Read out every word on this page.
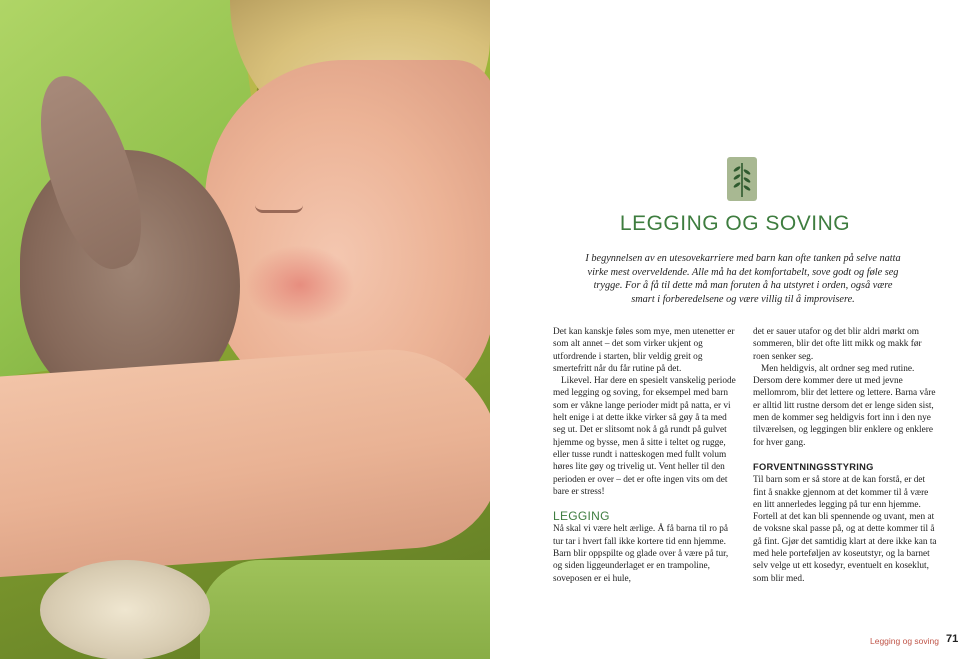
LEGGING OG SOVING
I begynnelsen av en utesovekarriere med barn kan ofte tanken på selve natta virke mest overveldende. Alle må ha det komfortabelt, sove godt og føle seg trygge. For å få til dette må man foruten å ha utstyret i orden, også være smart i forberedelsene og være villig til å improvisere.

Det kan kanskje føles som mye, men utenetter er som alt annet – det som virker ukjent og utfordrende i starten, blir veldig greit og smertefritt når du får rutine på det.

Likevel. Har dere en spesielt vanskelig periode med legging og soving, for eksempel med barn som er våkne lange perioder midt på natta, er vi helt enige i at dette ikke virker så gøy å ta med seg ut. Det er slitsomt nok å gå rundt på gulvet hjemme og bysse, men å sitte i teltet og rugge, eller tusse rundt i natteskogen med fullt volum høres lite gøy og trivelig ut. Vent heller til den perioden er over – det er ofte ingen vits om det bare er stress!

LEGGING

Nå skal vi være helt ærlige. Å få barna til ro på tur tar i hvert fall ikke kortere tid enn hjemme. Barn blir oppspilte og glade over å være på tur, og siden liggeunderlaget er en trampoline, soveposen er ei hule,

det er sauer utafor og det blir aldri mørkt om sommeren, blir det ofte litt mikk og makk før roen senker seg.

Men heldigvis, alt ordner seg med rutine. Dersom dere kommer dere ut med jevne mellomrom, blir det lettere og lettere. Barna våre er alltid litt rustne dersom det er lenge siden sist, men de kommer seg heldigvis fort inn i den nye tilværelsen, og leggingen blir enklere og enklere for hver gang.

FORVENTNINGSSTYRING

Til barn som er så store at de kan forstå, er det fint å snakke gjennom at det kommer til å være en litt annerledes legging på tur enn hjemme. Fortell at det kan bli spennende og uvant, men at de voksne skal passe på, og at dette kommer til å gå fint. Gjør det samtidig klart at dere ikke kan ta med hele porteføljen av koseutstyr, og la barnet selv velge ut ett kosedyr, eventuelt en koseklut, som blir med.

Legging og soving 71
